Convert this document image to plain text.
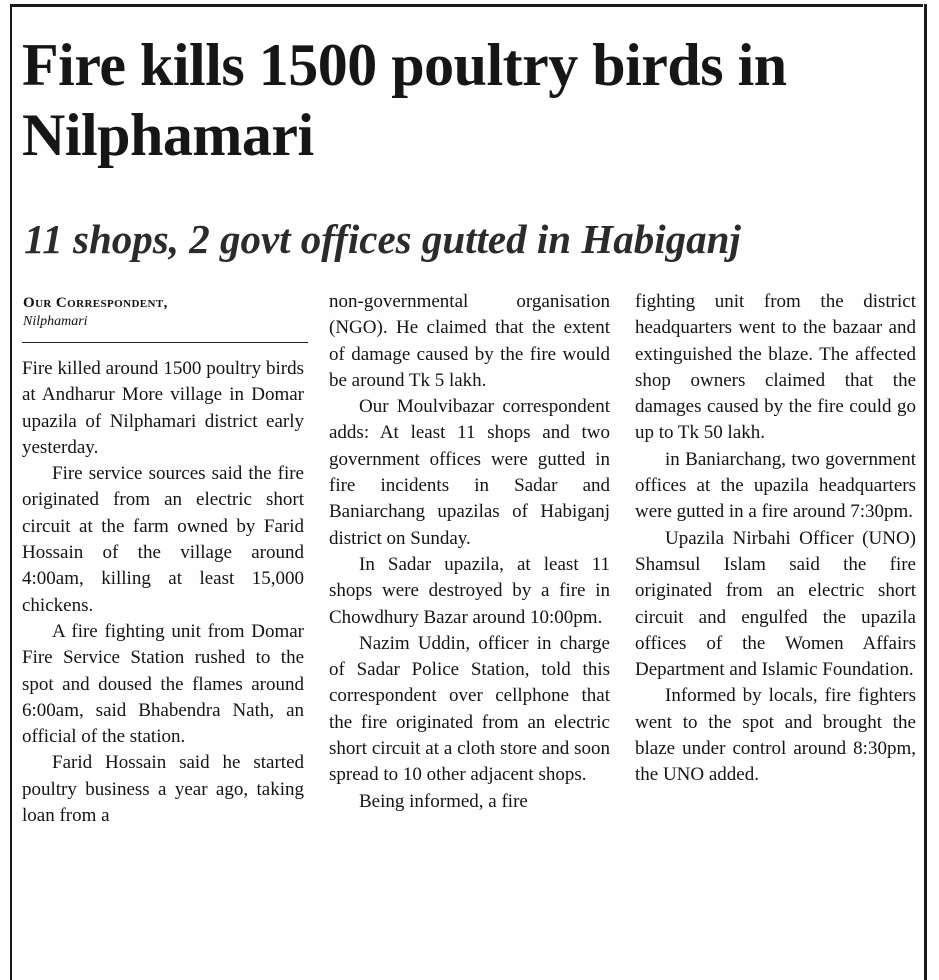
Fire kills 1500 poultry birds in Nilphamari
11 shops, 2 govt offices gutted in Habiganj
Our Correspondent,
Nilphamari

Fire killed around 1500 poultry birds at Andharur More village in Domar upazila of Nilphamari district early yesterday.

Fire service sources said the fire originated from an electric short circuit at the farm owned by Farid Hossain of the village around 4:00am, killing at least 15,000 chickens.

A fire fighting unit from Domar Fire Service Station rushed to the spot and doused the flames around 6:00am, said Bhabendra Nath, an official of the station.

Farid Hossain said he started poultry business a year ago, taking loan from a

non-governmental organisation (NGO). He claimed that the extent of damage caused by the fire would be around Tk 5 lakh.

Our Moulvibazar correspondent adds: At least 11 shops and two government offices were gutted in fire incidents in Sadar and Baniarchang upazilas of Habiganj district on Sunday.

In Sadar upazila, at least 11 shops were destroyed by a fire in Chowdhury Bazar around 10:00pm.

Nazim Uddin, officer in charge of Sadar Police Station, told this correspondent over cellphone that the fire originated from an electric short circuit at a cloth store and soon spread to 10 other adjacent shops.

Being informed, a fire

fighting unit from the district headquarters went to the bazaar and extinguished the blaze. The affected shop owners claimed that the damages caused by the fire could go up to Tk 50 lakh.

in Baniarchang, two government offices at the upazila headquarters were gutted in a fire around 7:30pm.

Upazila Nirbahi Officer (UNO) Shamsul Islam said the fire originated from an electric short circuit and engulfed the upazila offices of the Women Affairs Department and Islamic Foundation.

Informed by locals, fire fighters went to the spot and brought the blaze under control around 8:30pm, the UNO added.
